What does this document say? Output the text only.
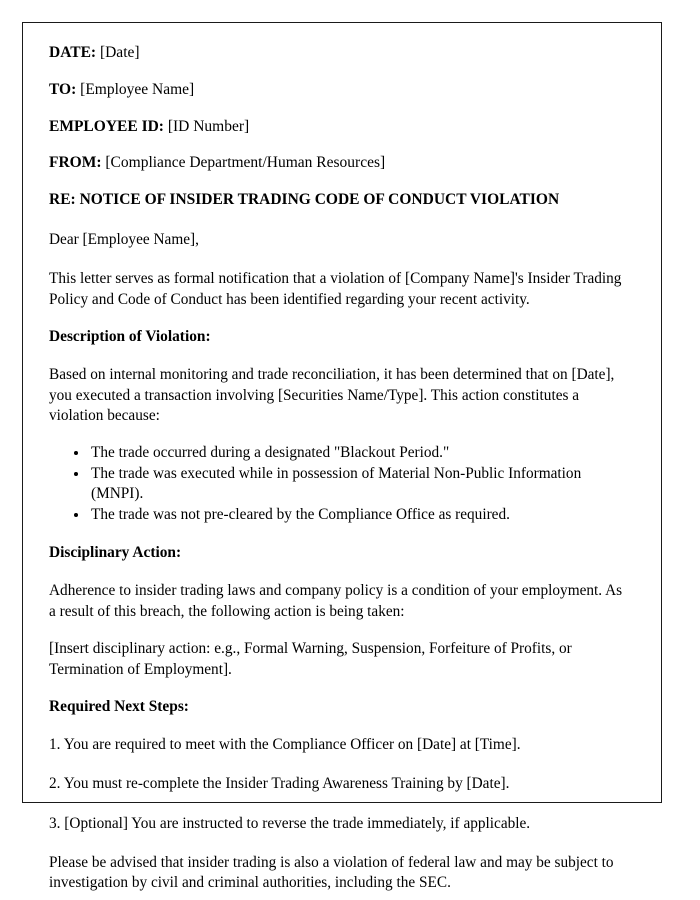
DATE: [Date]
TO: [Employee Name]
EMPLOYEE ID: [ID Number]
FROM: [Compliance Department/Human Resources]
RE: NOTICE OF INSIDER TRADING CODE OF CONDUCT VIOLATION

Dear [Employee Name],

This letter serves as formal notification that a violation of [Company Name]'s Insider Trading Policy and Code of Conduct has been identified regarding your recent activity.

Description of Violation:

Based on internal monitoring and trade reconciliation, it has been determined that on [Date], you executed a transaction involving [Securities Name/Type]. This action constitutes a violation because:

• The trade occurred during a designated "Blackout Period."
• The trade was executed while in possession of Material Non-Public Information (MNPI).
• The trade was not pre-cleared by the Compliance Office as required.
Disciplinary Action:

Adherence to insider trading laws and company policy is a condition of your employment. As a result of this breach, the following action is being taken:

[Insert disciplinary action: e.g., Formal Warning, Suspension, Forfeiture of Profits, or Termination of Employment].

Required Next Steps:

1. You are required to meet with the Compliance Officer on [Date] at [Time].

2. You must re-complete the Insider Trading Awareness Training by [Date].

3. [Optional] You are instructed to reverse the trade immediately, if applicable.

Please be advised that insider trading is also a violation of federal law and may be subject to investigation by civil and criminal authorities, including the SEC.
